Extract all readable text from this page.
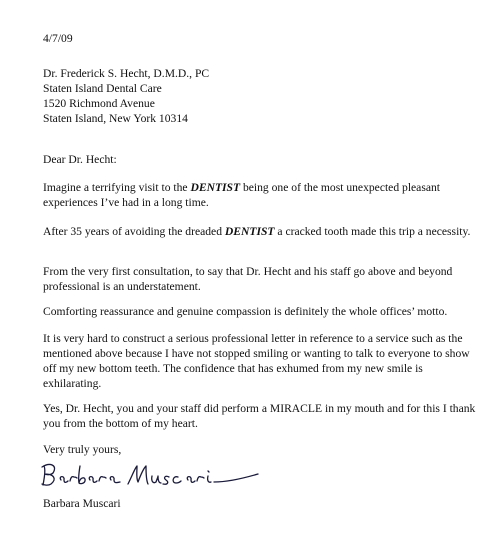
4/7/09
Dr. Frederick S. Hecht, D.M.D., PC
Staten Island Dental Care
1520 Richmond Avenue
Staten Island, New York 10314
Dear Dr. Hecht:

Imagine a terrifying visit to the DENTIST being one of the most unexpected pleasant experiences I’ve had in a long time.

After 35 years of avoiding the dreaded DENTIST a cracked tooth made this trip a necessity.

From the very first consultation, to say that Dr. Hecht and his staff go above and beyond professional is an understatement.

Comforting reassurance and genuine compassion is definitely the whole offices’ motto.

It is very hard to construct a serious professional letter in reference to a service such as the mentioned above because I have not stopped smiling or wanting to talk to everyone to show off my new bottom teeth. The confidence that has exhumed from my new smile is exhilarating.

Yes, Dr. Hecht, you and your staff did perform a MIRACLE in my mouth and for this I thank you from the bottom of my heart.

Very truly yours,
Barbara Muscari
Barbara Muscari
